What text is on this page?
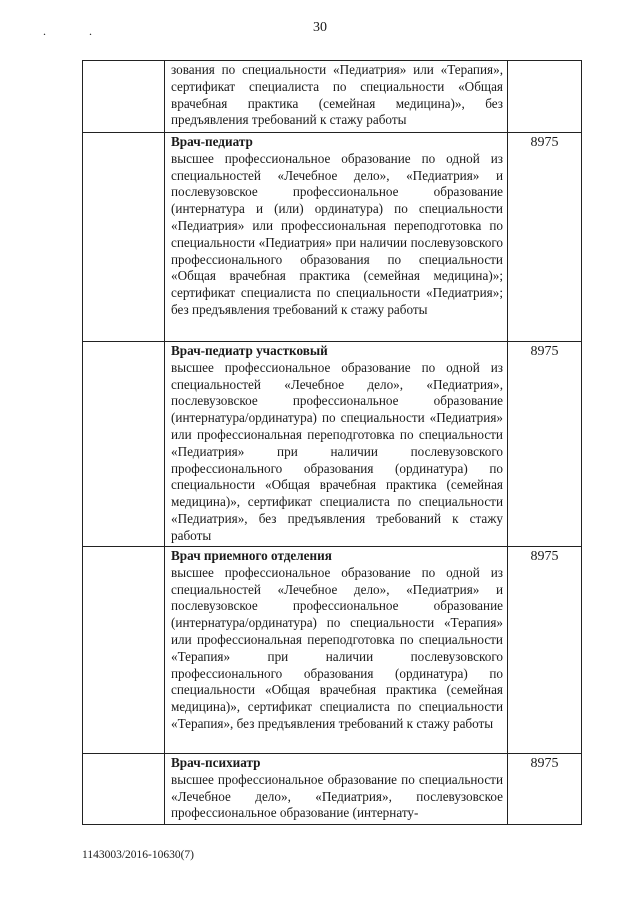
. .	30

	зования по специальности «Педиатрия» или «Терапия», сертификат специалиста по специальности «Общая врачебная практика (семейная медицина)», без предъявления требований к стажу работы	

	Врач-педиатр
высшее профессиональное образование по одной из специальностей «Лечебное дело», «Педиатрия» и послевузовское профессиональное образование (интернатура и (или) ординатура) по специальности «Педиатрия» или профессиональная переподготовка по специальности «Педиатрия» при наличии послевузовского профессионального образования по специальности «Общая врачебная практика (семейная медицина)»; сертификат специалиста по специальности «Педиатрия»; без предъявления требований к стажу работы	8975

	Врач-педиатр участковый
высшее профессиональное образование по одной из специальностей «Лечебное дело», «Педиатрия», послевузовское профессиональное образование (интернатура/ординатура) по специальности «Педиатрия» или профессиональная переподготовка по специальности «Педиатрия» при наличии послевузовского профессионального образования (ординатура) по специальности «Общая врачебная практика (семейная медицина)», сертификат специалиста по специальности «Педиатрия», без предъявления требований к стажу работы	8975

	Врач приемного отделения
высшее профессиональное образование по одной из специальностей «Лечебное дело», «Педиатрия» и послевузовское профессиональное образование (интернатура/ординатура) по специальности «Терапия» или профессиональная переподготовка по специальности «Терапия» при наличии послевузовского профессионального образования (ординатура) по специальности «Общая врачебная практика (семейная медицина)», сертификат специалиста по специальности «Терапия», без предъявления требований к стажу работы	8975

	Врач-психиатр
высшее профессиональное образование по специальности «Лечебное дело», «Педиатрия», послевузовское профессиональное образование (интернату-	8975
1143003/2016-10630(7)
